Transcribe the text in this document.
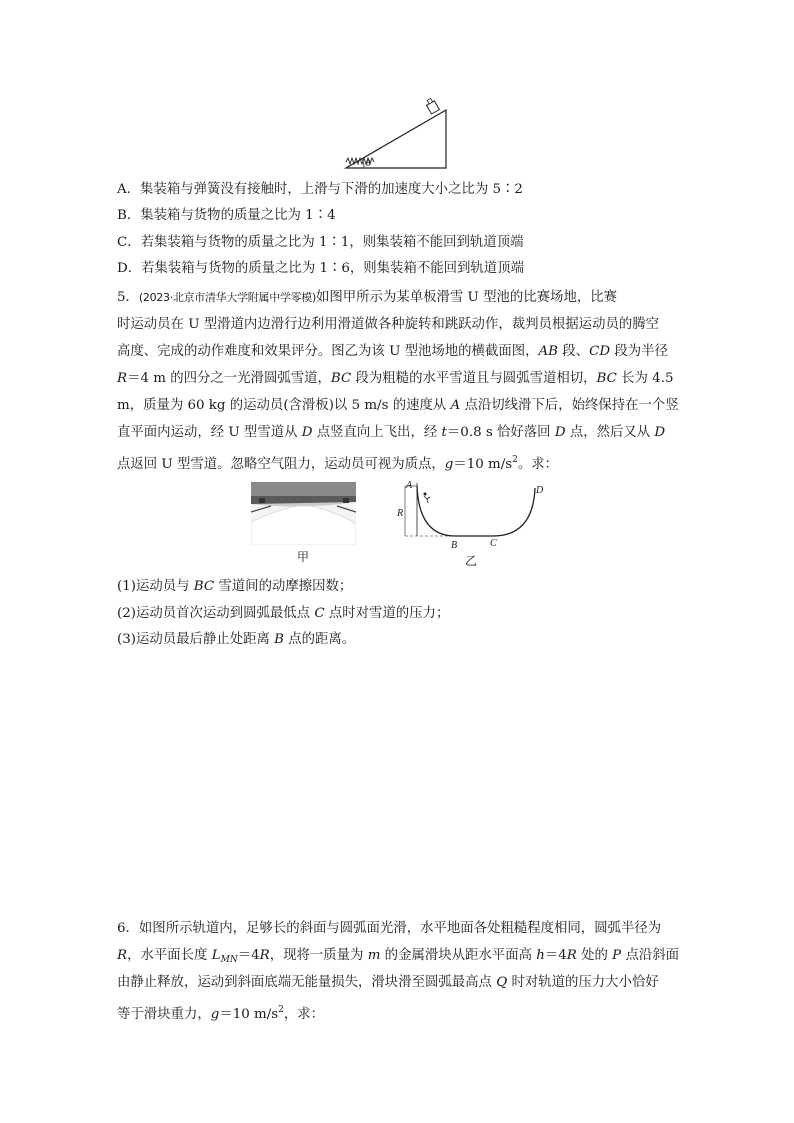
θ
A．集装箱与弹簧没有接触时，上滑与下滑的加速度大小之比为 5∶2
B．集装箱与货物的质量之比为 1∶4
C．若集装箱与货物的质量之比为 1∶1，则集装箱不能回到轨道顶端
D．若集装箱与货物的质量之比为 1∶6，则集装箱不能回到轨道顶端
5．(2023·北京市清华大学附属中学零模)如图甲所示为某单板滑雪 U 型池的比赛场地，比赛
时运动员在 U 型滑道内边滑行边利用滑道做各种旋转和跳跃动作，裁判员根据运动员的腾空
高度、完成的动作难度和效果评分。图乙为该 U 型池场地的横截面图，AB 段、CD 段为半径
R＝4 m 的四分之一光滑圆弧雪道，BC 段为粗糙的水平雪道且与圆弧雪道相切，BC 长为 4.5
m，质量为 60 kg 的运动员(含滑板)以 5 m/s 的速度从 A 点沿切线滑下后，始终保持在一个竖
直平面内运动，经 U 型雪道从 D 点竖直向上飞出，经 t＝0.8 s 恰好落回 D 点，然后又从 D
点返回 U 型雪道。忽略空气阻力，运动员可视为质点，g＝10 $m/s^2$。求：
甲
A
R
B	C
D
乙
(1)运动员与 BC 雪道间的动摩擦因数；
(2)运动员首次运动到圆弧最低点 C 点时对雪道的压力；
(3)运动员最后静止处距离 B 点的距离。
6．如图所示轨道内，足够长的斜面与圆弧面光滑，水平地面各处粗糙程度相同，圆弧半径为
R，水平面长度 $L_{MN}=4R$，现将一质量为 m 的金属滑块从距水平面高 h＝4R 处的 P 点沿斜面
由静止释放，运动到斜面底端无能量损失，滑块滑至圆弧最高点 Q 时对轨道的压力大小恰好
等于滑块重力，g＝10 $m/s^2$，求：
